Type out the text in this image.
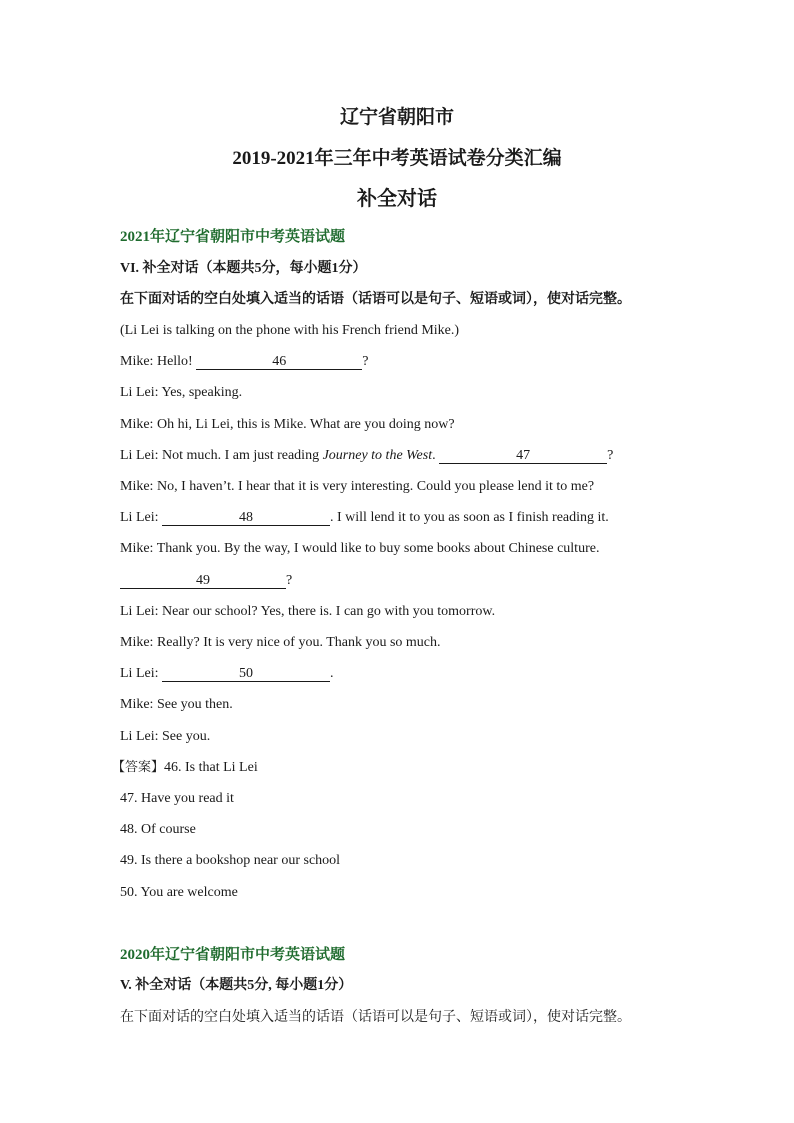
辽宁省朝阳市
2019-2021年三年中考英语试卷分类汇编
补全对话
2021年辽宁省朝阳市中考英语试题
VI. 补全对话（本题共5分，每小题1分）
在下面对话的空白处填入适当的话语（话语可以是句子、短语或词），使对话完整。
(Li Lei is talking on the phone with his French friend Mike.)
Mike: Hello!	46	?
Li Lei: Yes, speaking.
Mike: Oh hi, Li Lei, this is Mike. What are you doing now?
Li Lei: Not much. I am just reading Journey to the West.	47	?
Mike: No, I haven’t. I hear that it is very interesting. Could you please lend it to me?
Li Lei:	48	. I will lend it to you as soon as I finish reading it.
Mike: Thank you. By the way, I would like to buy some books about Chinese culture.
49	?
Li Lei: Near our school? Yes, there is. I can go with you tomorrow.
Mike: Really? It is very nice of you. Thank you so much.
Li Lei:	50	.
Mike: See you then.
Li Lei: See you.
【答案】46. Is that Li Lei
47. Have you read it
48. Of course
49. Is there a bookshop near our school
50. You are welcome
2020年辽宁省朝阳市中考英语试题
V. 补全对话（本题共5分, 每小题1分）
在下面对话的空白处填入适当的话语（话语可以是句子、短语或词），使对话完整。
